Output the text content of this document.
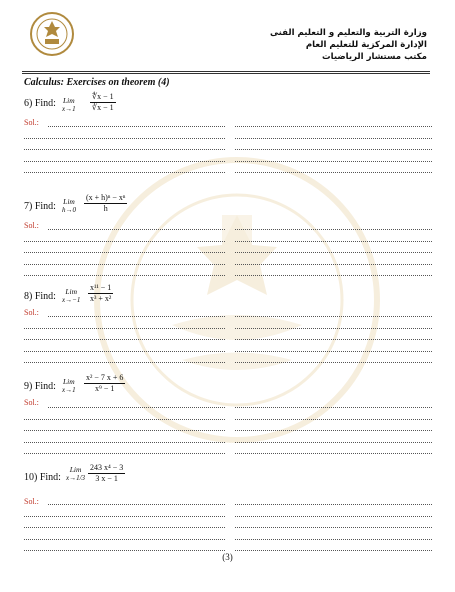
وزارة التربية والتعليم و التعليم الفنى
الإدارة المركزية للتعليم العام
مكتب مستشار الرياضيات
Calculus: Exercises on theorem (4)
6) Find: Lim
$x\to 1 \frac{∜x - 1}{∛x - 1}$
Sol.:
7) Find: Lim
$h\to 0 \frac{\text{(x + h)ⁿ − xⁿ}}{h}$
Sol.:
8) Find:	Lim
$x\to-1 \frac{\text{x¹¹ − 1}}{\text{x³ + x²}}$
Sol.:
9) Find: Lim
$x\to 1 \frac{\text{x² − 7 x + 6}}{\text{x⁹ − 1}}$
Sol.:
10) Find:
Lim
$x\to 1/3 \frac{\text{243 x⁴ − 3}}{3 x - 1}$
Sol.:
(3)
